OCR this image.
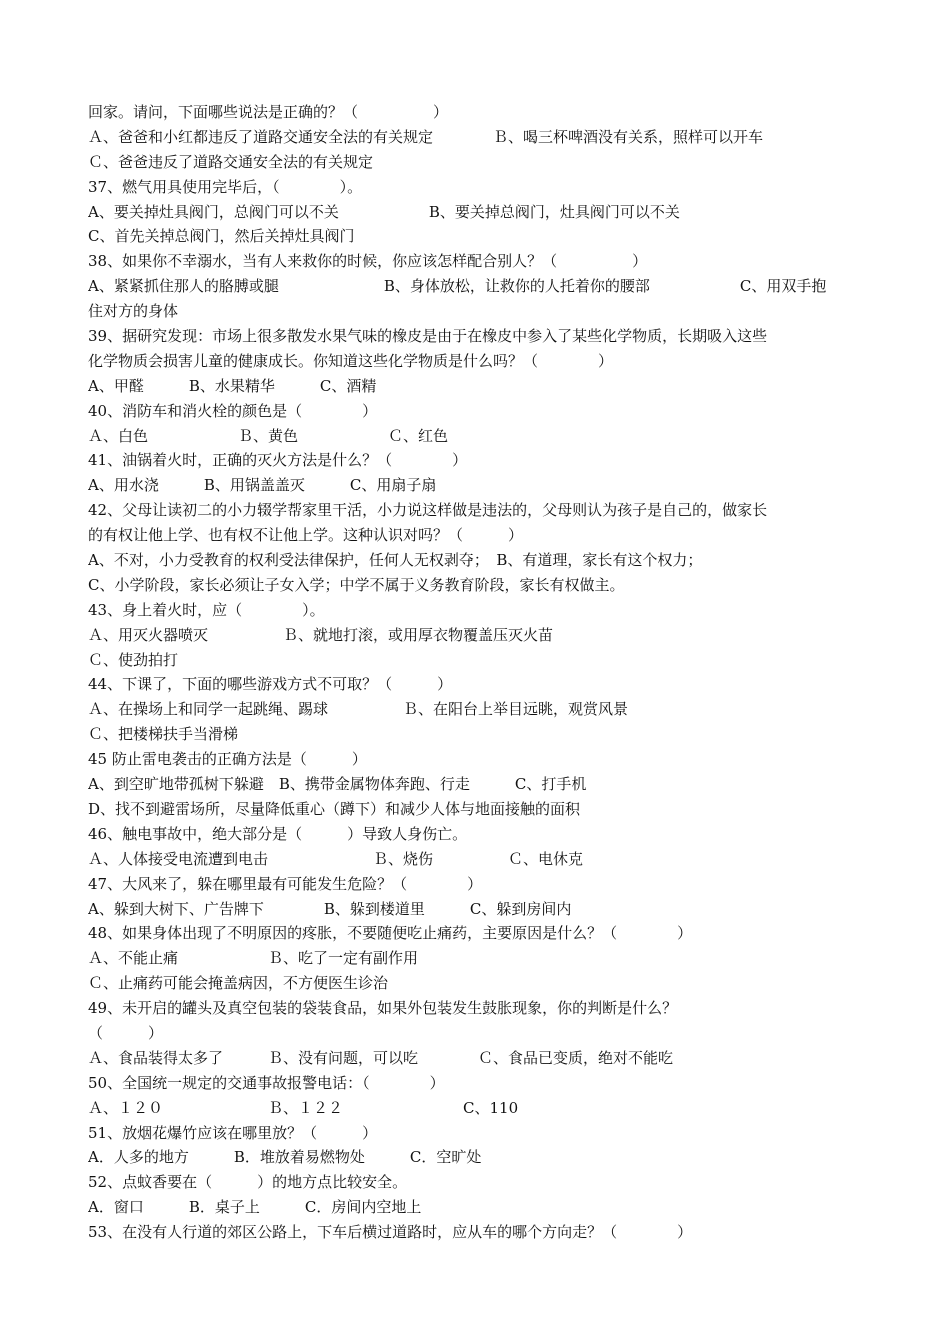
回家。请问，下面哪些说法是正确的？（　　　　　）
Ａ、爸爸和小红都违反了道路交通安全法的有关规定　　　　Ｂ、喝三杯啤酒没有关系，照样可以开车
Ｃ、爸爸违反了道路交通安全法的有关规定
37、燃气用具使用完毕后，（　　　　）。
A、要关掉灶具阀门，总阀门可以不关　　　　　　B、要关掉总阀门，灶具阀门可以不关
C、首先关掉总阀门，然后关掉灶具阀门
38、如果你不幸溺水，当有人来救你的时候，你应该怎样配合别人？（　　　　　）
A、紧紧抓住那人的胳膊或腿　　　　　　　B、身体放松，让救你的人托着你的腰部　　　　　　C、用双手抱
住对方的身体
39、据研究发现：市场上很多散发水果气味的橡皮是由于在橡皮中参入了某些化学物质，长期吸入这些
化学物质会损害儿童的健康成长。你知道这些化学物质是什么吗？（　　　　）
A、甲醛　　　B、水果精华　　　C、酒精
40、消防车和消火栓的颜色是（　　　　）
Ａ、白色　　　　　　Ｂ、黄色　　　　　　Ｃ、红色
41、油锅着火时，正确的灭火方法是什么？（　　　　）
A、用水浇　　　B、用锅盖盖灭　　　C、用扇子扇
42、父母让读初二的小力辍学帮家里干活，小力说这样做是违法的，父母则认为孩子是自己的，做家长
的有权让他上学、也有权不让他上学。这种认识对吗？（　　　）
A、不对，小力受教育的权利受法律保护，任何人无权剥夺；　B、有道理，家长有这个权力；
C、小学阶段，家长必须让子女入学；中学不属于义务教育阶段，家长有权做主。
43、身上着火时，应（　　　　）。
Ａ、用灭火器喷灭　　　　　Ｂ、就地打滚，或用厚衣物覆盖压灭火苗
Ｃ、使劲拍打
44、下课了，下面的哪些游戏方式不可取？（　　　）
Ａ、在操场上和同学一起跳绳、踢球　　　　　Ｂ、在阳台上举目远眺，观赏风景
Ｃ、把楼梯扶手当滑梯
45 防止雷电袭击的正确方法是（　　　）
A、到空旷地带孤树下躲避　B、携带金属物体奔跑、行走　　　C、打手机
D、找不到避雷场所，尽量降低重心（蹲下）和减少人体与地面接触的面积
46、触电事故中，绝大部分是（　　　）导致人身伤亡。
Ａ、人体接受电流遭到电击　　　　　　　Ｂ、烧伤　　　　　Ｃ、电休克
47、大风来了，躲在哪里最有可能发生危险？（　　　　）
A、躲到大树下、广告牌下　　　　B、躲到楼道里　　　C、躲到房间内
48、如果身体出现了不明原因的疼胀，不要随便吃止痛药，主要原因是什么？（　　　　）
Ａ、不能止痛　　　　　　Ｂ、吃了一定有副作用
Ｃ、止痛药可能会掩盖病因，不方便医生诊治
49、未开启的罐头及真空包装的袋装食品，如果外包装发生鼓胀现象，你的判断是什么？
（　　　）
Ａ、食品装得太多了　　　Ｂ、没有问题，可以吃　　　　Ｃ、食品已变质，绝对不能吃
50、全国统一规定的交通事故报警电话：（　　　　）
Ａ、１２０　　　　　　　Ｂ、１２２　　　　　　　　C、110
51、放烟花爆竹应该在哪里放？（　　　）
A．人多的地方　　　B．堆放着易燃物处　　　C．空旷处
52、点蚊香要在（　　　）的地方点比较安全。
A．窗口　　　B．桌子上　　　C．房间内空地上
53、在没有人行道的郊区公路上，下车后横过道路时，应从车的哪个方向走？（　　　　）
